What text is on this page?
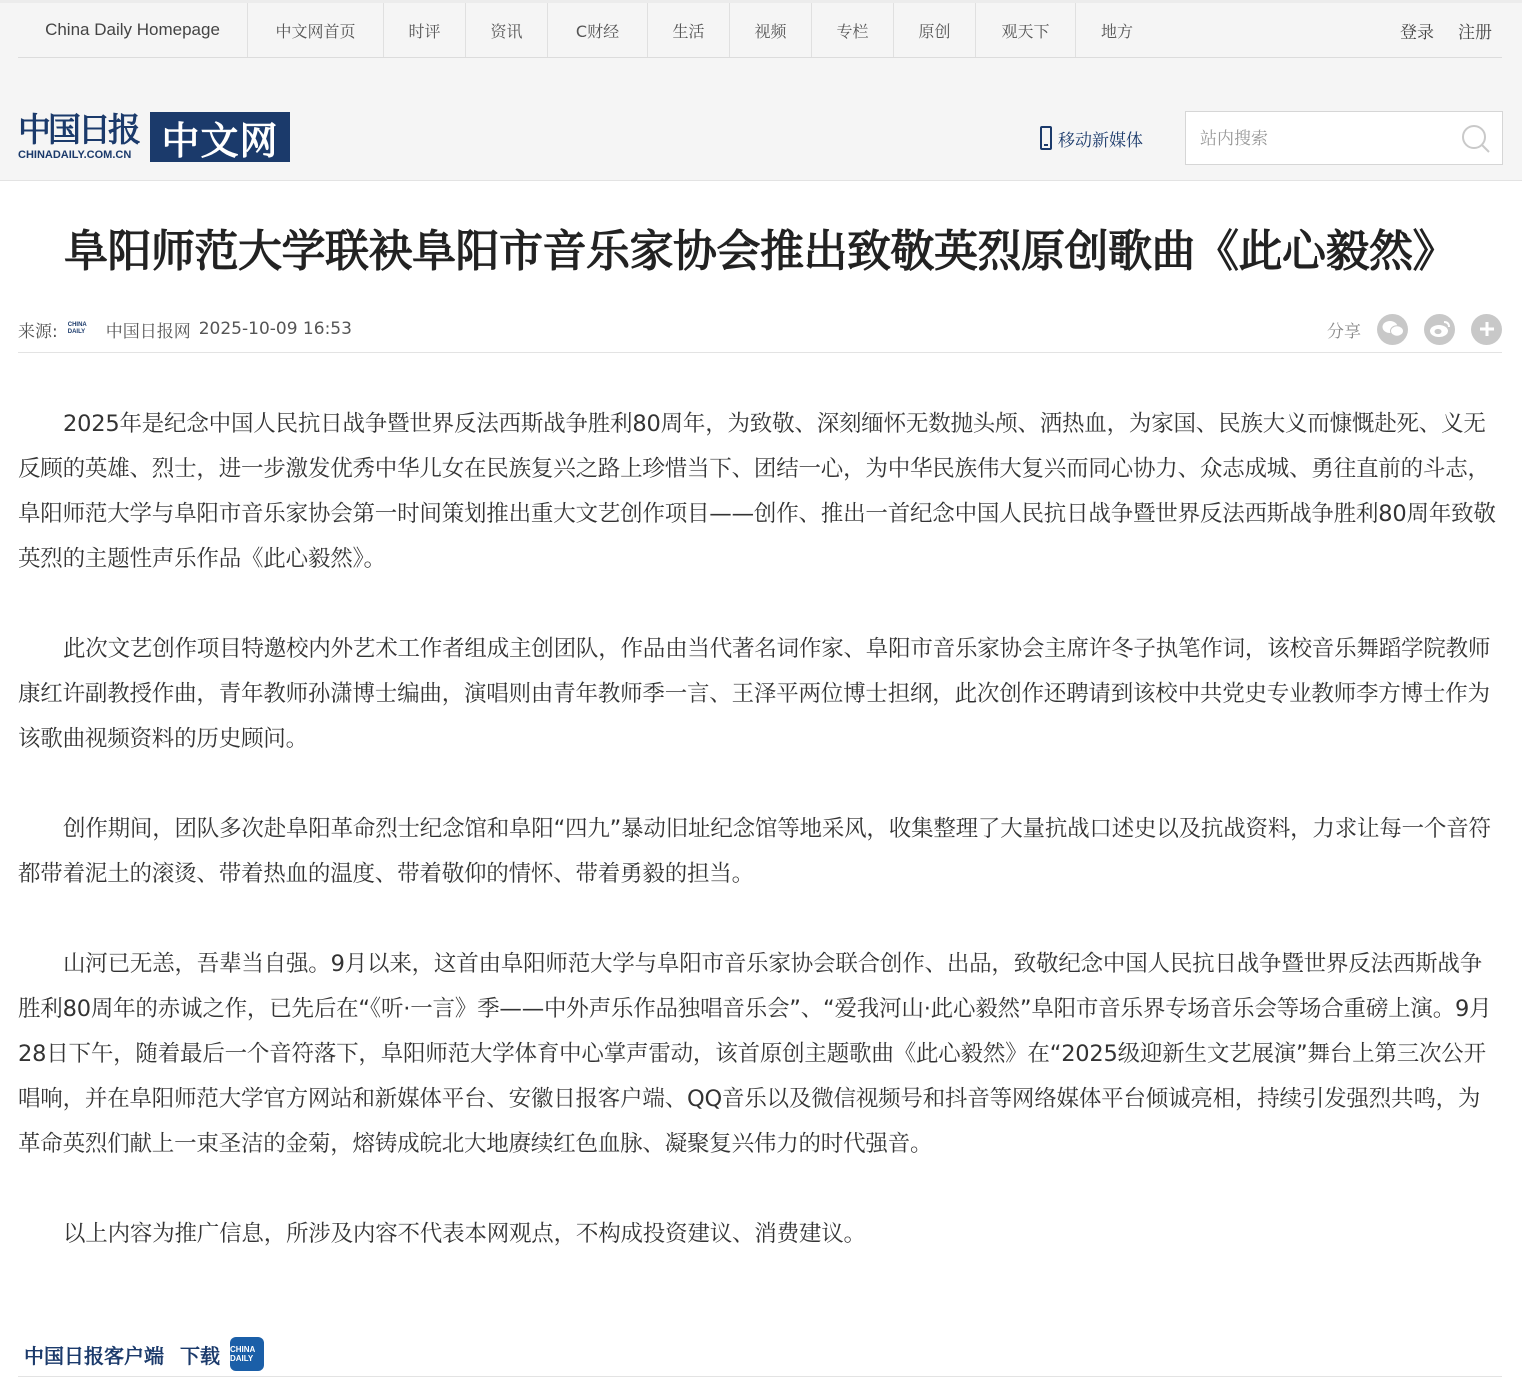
China Daily Homepage	中文网首页	时评	资讯	C财经	生活	视频	专栏	原创	观天下	地方	登录 注册
中国日报
CHINADAILY.COM.CN 中文网	移动新媒体
站内搜索
阜阳师范大学联袂阜阳市音乐家协会推出致敬英烈原创歌曲《此心毅然》
来源: CHINA DAILY 中国日报网 2025-10-09 16:53	分享

2025年是纪念中国人民抗日战争暨世界反法西斯战争胜利80周年，为致敬、深刻缅怀无数抛头颅、洒热血，为家国、民族大义而慷慨赴死、义无反顾的英雄、烈士，进一步激发优秀中华儿女在民族复兴之路上珍惜当下、团结一心，为中华民族伟大复兴而同心协力、众志成城、勇往直前的斗志，阜阳师范大学与阜阳市音乐家协会第一时间策划推出重大文艺创作项目——创作、推出一首纪念中国人民抗日战争暨世界反法西斯战争胜利80周年致敬英烈的主题性声乐作品《此心毅然》。

此次文艺创作项目特邀校内外艺术工作者组成主创团队，作品由当代著名词作家、阜阳市音乐家协会主席许冬子执笔作词，该校音乐舞蹈学院教师康红许副教授作曲，青年教师孙潇博士编曲，演唱则由青年教师季一言、王泽平两位博士担纲，此次创作还聘请到该校中共党史专业教师李方博士作为该歌曲视频资料的历史顾问。

创作期间，团队多次赴阜阳革命烈士纪念馆和阜阳“四九”暴动旧址纪念馆等地采风，收集整理了大量抗战口述史以及抗战资料，力求让每一个音符都带着泥土的滚烫、带着热血的温度、带着敬仰的情怀、带着勇毅的担当。

山河已无恙，吾辈当自强。9月以来，这首由阜阳师范大学与阜阳市音乐家协会联合创作、出品，致敬纪念中国人民抗日战争暨世界反法西斯战争胜利80周年的赤诚之作，已先后在“《听·一言》季——中外声乐作品独唱音乐会”、“爱我河山·此心毅然”阜阳市音乐界专场音乐会等场合重磅上演。9月28日下午，随着最后一个音符落下，阜阳师范大学体育中心掌声雷动，该首原创主题歌曲《此心毅然》在“2025级迎新生文艺展演”舞台上第三次公开唱响，并在阜阳师范大学官方网站和新媒体平台、安徽日报客户端、QQ音乐以及微信视频号和抖音等网络媒体平台倾诚亮相，持续引发强烈共鸣，为革命英烈们献上一束圣洁的金菊，熔铸成皖北大地赓续红色血脉、凝聚复兴伟力的时代强音。

以上内容为推广信息，所涉及内容不代表本网观点，不构成投资建议、消费建议。

中国日报客户端 下载 CHINA DAILY
